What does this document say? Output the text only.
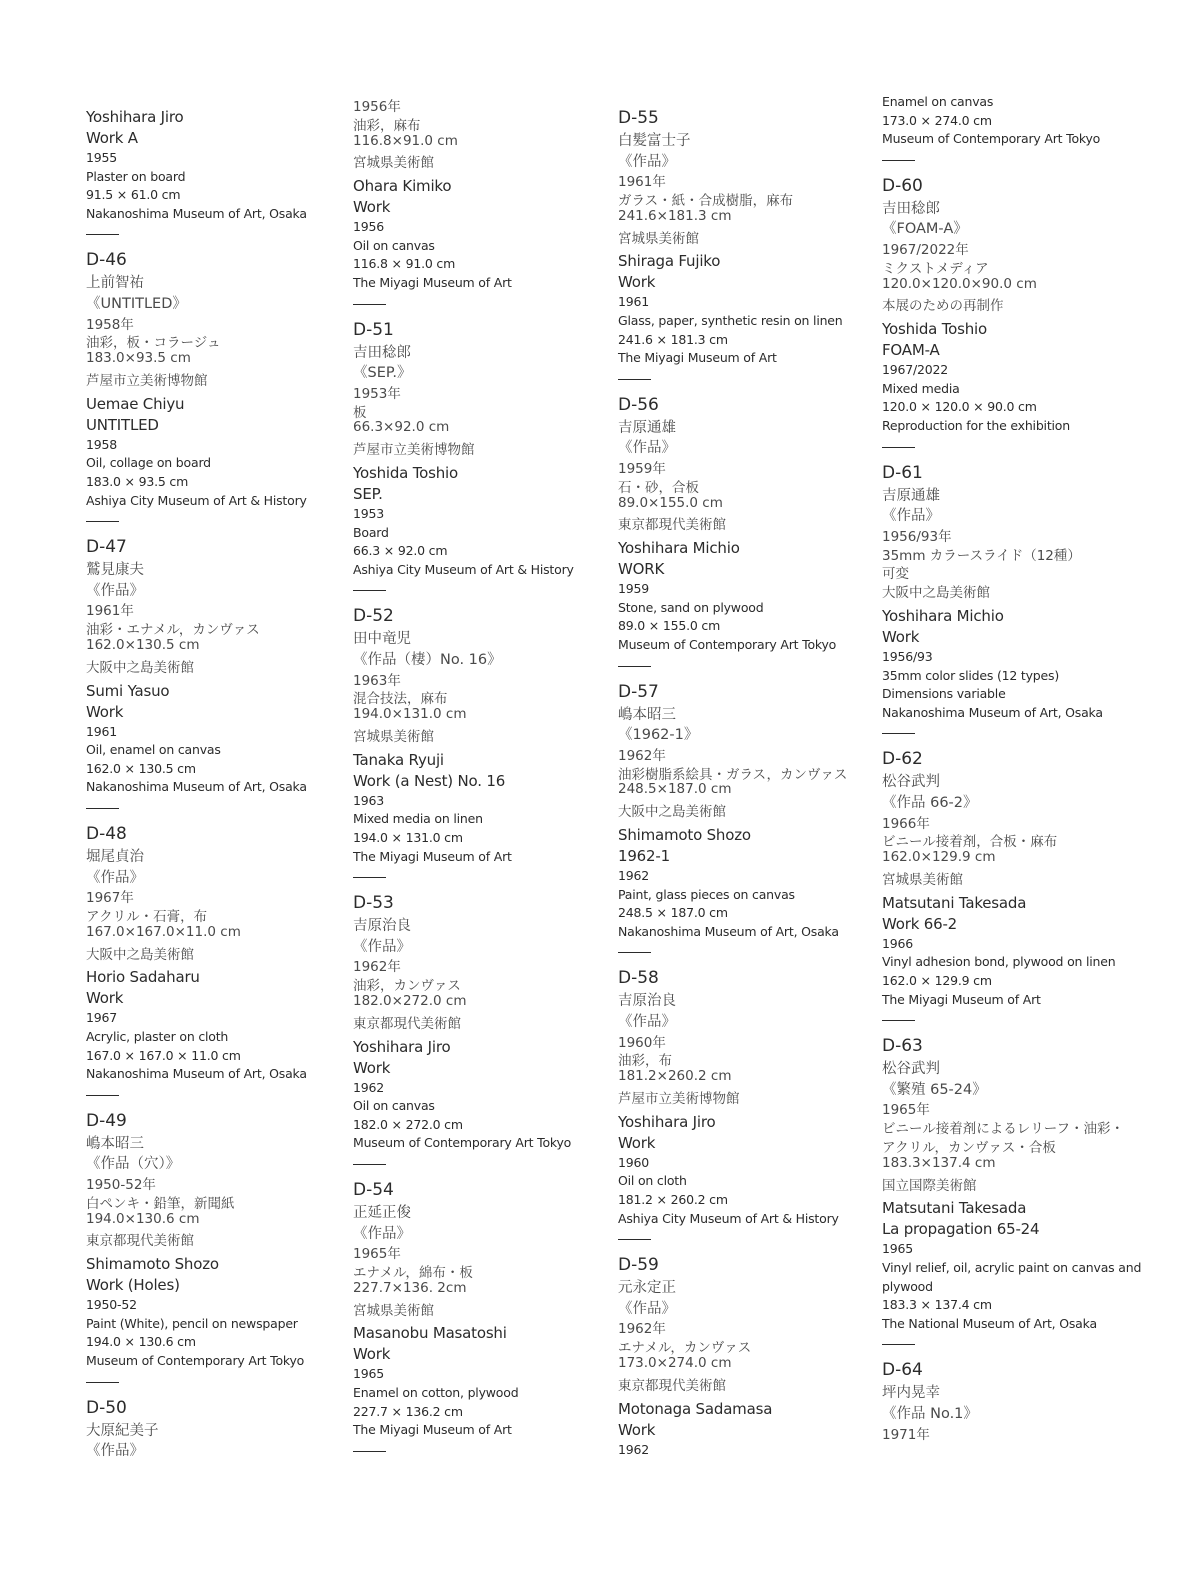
Yoshihara Jiro
Work A
1955
Plaster on board
91.5 × 61.0 cm
Nakanoshima Museum of Art, Osaka
D-46
上前智祐
《UNTITLED》
1958年
油彩，板・コラージュ
183.0×93.5 cm
芦屋市立美術博物館
Uemae Chiyu
UNTITLED
1958
Oil, collage on board
183.0 × 93.5 cm
Ashiya City Museum of Art & History
D-47
鷲見康夫
《作品》
1961年
油彩・エナメル，カンヴァス
162.0×130.5 cm
大阪中之島美術館
Sumi Yasuo
Work
1961
Oil, enamel on canvas
162.0 × 130.5 cm
Nakanoshima Museum of Art, Osaka
D-48
堀尾貞治
《作品》
1967年
アクリル・石膏，布
167.0×167.0×11.0 cm
大阪中之島美術館
Horio Sadaharu
Work
1967
Acrylic, plaster on cloth
167.0 × 167.0 × 11.0 cm
Nakanoshima Museum of Art, Osaka
D-49
嶋本昭三
《作品（穴）》
1950-52年
白ペンキ・鉛筆，新聞紙
194.0×130.6 cm
東京都現代美術館
Shimamoto Shozo
Work (Holes)
1950-52
Paint (White), pencil on newspaper
194.0 × 130.6 cm
Museum of Contemporary Art Tokyo
D-50
大原紀美子
《作品》
1956年
油彩，麻布
116.8×91.0 cm
宮城県美術館
Ohara Kimiko
Work
1956
Oil on canvas
116.8 × 91.0 cm
The Miyagi Museum of Art
D-51
吉田稔郎
《SEP.》
1953年
板
66.3×92.0 cm
芦屋市立美術博物館
Yoshida Toshio
SEP.
1953
Board
66.3 × 92.0 cm
Ashiya City Museum of Art & History
D-52
田中竜児
《作品（棲）No. 16》
1963年
混合技法，麻布
194.0×131.0 cm
宮城県美術館
Tanaka Ryuji
Work (a Nest) No. 16
1963
Mixed media on linen
194.0 × 131.0 cm
The Miyagi Museum of Art
D-53
吉原治良
《作品》
1962年
油彩，カンヴァス
182.0×272.0 cm
東京都現代美術館
Yoshihara Jiro
Work
1962
Oil on canvas
182.0 × 272.0 cm
Museum of Contemporary Art Tokyo
D-54
正延正俊
《作品》
1965年
エナメル，綿布・板
227.7×136. 2cm
宮城県美術館
Masanobu Masatoshi
Work
1965
Enamel on cotton, plywood
227.7 × 136.2 cm
The Miyagi Museum of Art
D-55
白髪富士子
《作品》
1961年
ガラス・紙・合成樹脂，麻布
241.6×181.3 cm
宮城県美術館
Shiraga Fujiko
Work
1961
Glass, paper, synthetic resin on linen
241.6 × 181.3 cm
The Miyagi Museum of Art
D-56
吉原通雄
《作品》
1959年
石・砂，合板
89.0×155.0 cm
東京都現代美術館
Yoshihara Michio
WORK
1959
Stone, sand on plywood
89.0 × 155.0 cm
Museum of Contemporary Art Tokyo
D-57
嶋本昭三
《1962-1》
1962年
油彩樹脂系絵具・ガラス，カンヴァス
248.5×187.0 cm
大阪中之島美術館
Shimamoto Shozo
1962-1
1962
Paint, glass pieces on canvas
248.5 × 187.0 cm
Nakanoshima Museum of Art, Osaka
D-58
吉原治良
《作品》
1960年
油彩，布
181.2×260.2 cm
芦屋市立美術博物館
Yoshihara Jiro
Work
1960
Oil on cloth
181.2 × 260.2 cm
Ashiya City Museum of Art & History
D-59
元永定正
《作品》
1962年
エナメル，カンヴァス
173.0×274.0 cm
東京都現代美術館
Motonaga Sadamasa
Work
1962
Enamel on canvas
173.0 × 274.0 cm
Museum of Contemporary Art Tokyo
D-60
吉田稔郎
《FOAM-A》
1967/2022年
ミクストメディア
120.0×120.0×90.0 cm
本展のための再制作
Yoshida Toshio
FOAM-A
1967/2022
Mixed media
120.0 × 120.0 × 90.0 cm
Reproduction for the exhibition
D-61
吉原通雄
《作品》
1956/93年
35mm カラースライド（12種）
可変
大阪中之島美術館
Yoshihara Michio
Work
1956/93
35mm color slides (12 types)
Dimensions variable
Nakanoshima Museum of Art, Osaka
D-62
松谷武判
《作品 66-2》
1966年
ビニール接着剤，合板・麻布
162.0×129.9 cm
宮城県美術館
Matsutani Takesada
Work 66-2
1966
Vinyl adhesion bond, plywood on linen
162.0 × 129.9 cm
The Miyagi Museum of Art
D-63
松谷武判
《繁殖 65-24》
1965年
ビニール接着剤によるレリーフ・油彩・
アクリル，カンヴァス・合板
183.3×137.4 cm
国立国際美術館
Matsutani Takesada
La propagation 65-24
1965
Vinyl relief, oil, acrylic paint on canvas and
plywood
183.3 × 137.4 cm
The National Museum of Art, Osaka
D-64
坪内晃幸
《作品 No.1》
1971年
